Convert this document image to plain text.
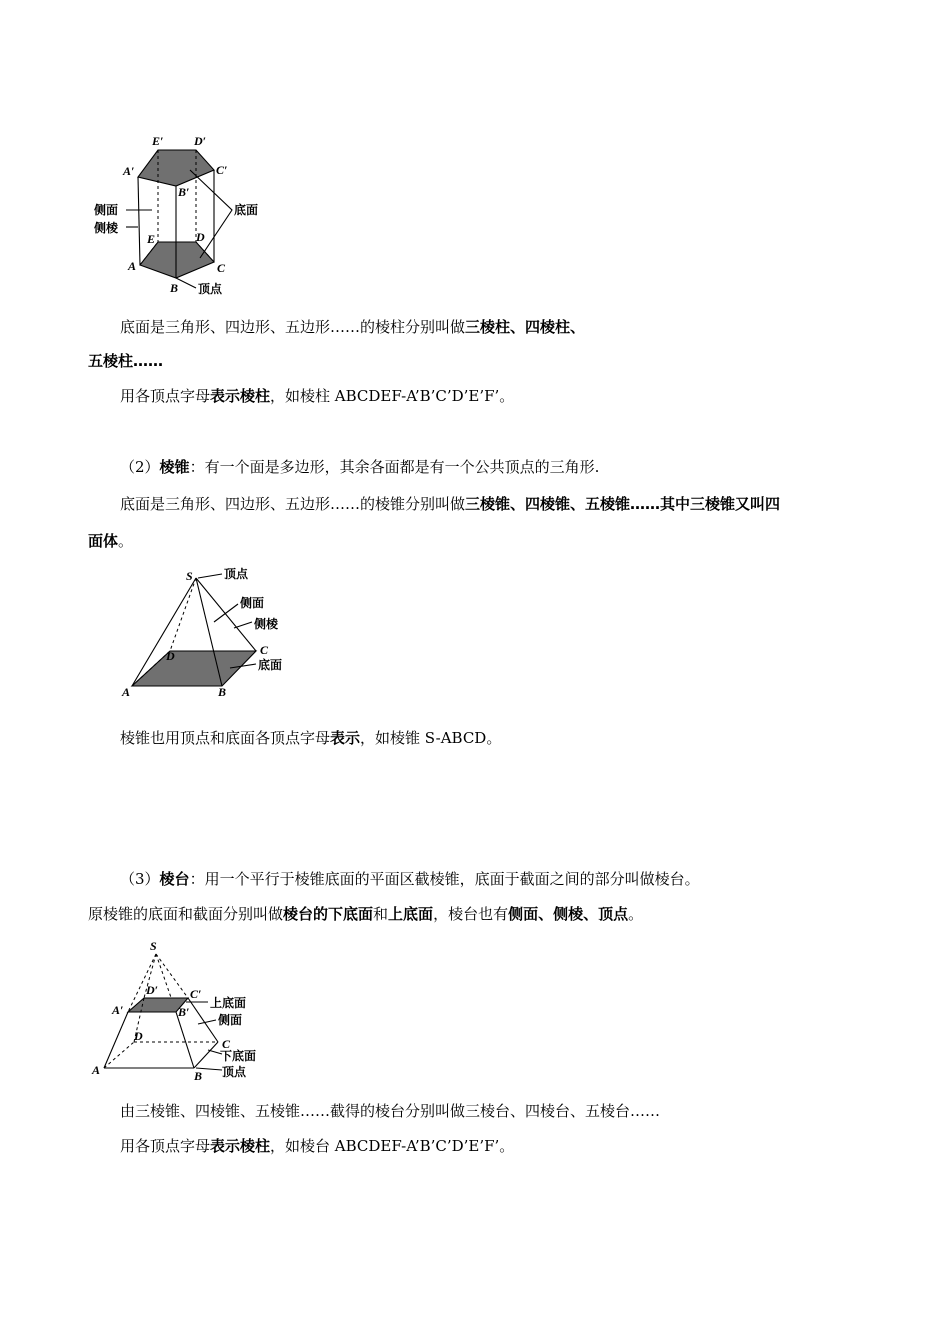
E′	D′
A′	C′
B′
E	D
A	C
B
侧面
侧棱
底面
顶点
底面是三角形、四边形、五边形……的棱柱分别叫做三棱柱、四棱柱、
五棱柱……
用各顶点字母表示棱柱，如棱柱 ABCDEF-A’B’C’D’E’F’。
（2）棱锥：有一个面是多边形，其余各面都是有一个公共顶点的三角形.
底面是三角形、四边形、五边形……的棱锥分别叫做三棱锥、四棱锥、五棱锥……其中三棱锥又叫四
面体。
S
D	C
A	B
顶点
侧面
侧棱
底面
棱锥也用顶点和底面各顶点字母表示，如棱锥 S-ABCD。
（3）棱台：用一个平行于棱锥底面的平面区截棱锥，底面于截面之间的部分叫做棱台。
原棱锥的底面和截面分别叫做棱台的下底面和上底面，棱台也有侧面、侧棱、顶点。
S
D′	C′
A′	B′
D
C
A	B
上底面
侧面
下底面
顶点
由三棱锥、四棱锥、五棱锥……截得的棱台分别叫做三棱台、四棱台、五棱台……
用各顶点字母表示棱柱，如棱台 ABCDEF-A’B’C’D’E’F’。
